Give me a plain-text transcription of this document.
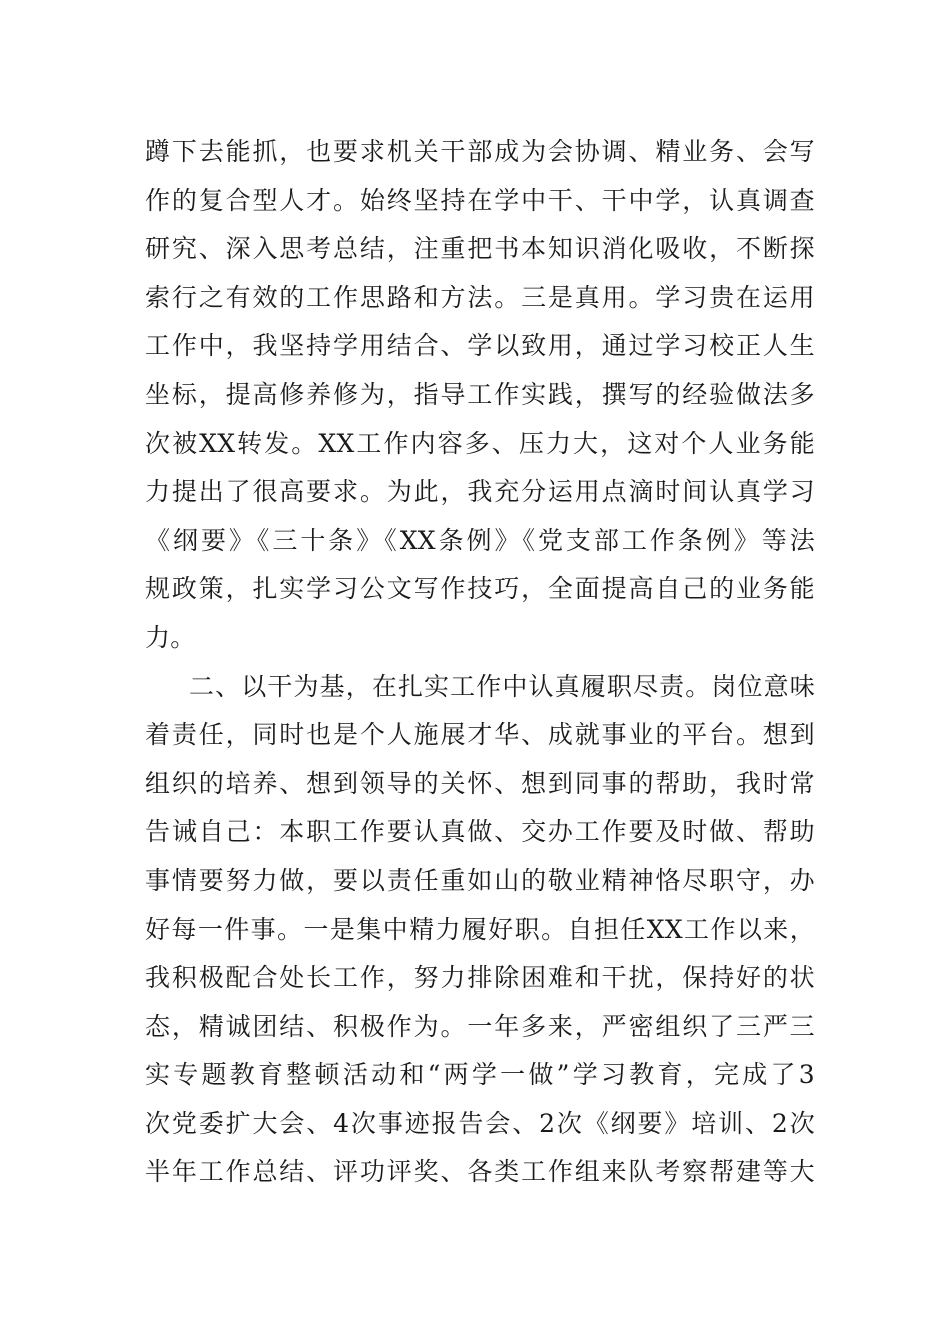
蹲下去能抓，也要求机关干部成为会协调、精业务、会写
作的复合型人才。始终坚持在学中干、干中学，认真调查
研究、深入思考总结，注重把书本知识消化吸收，不断探
索行之有效的工作思路和方法。三是真用。学习贵在运用
工作中，我坚持学用结合、学以致用，通过学习校正人生
坐标，提高修养修为，指导工作实践，撰写的经验做法多
次被XX转发。XX工作内容多、压力大，这对个人业务能
力提出了很高要求。为此，我充分运用点滴时间认真学习
《纲要》《三十条》《XX条例》《党支部工作条例》等法
规政策，扎实学习公文写作技巧，全面提高自己的业务能
力。
二、以干为基，在扎实工作中认真履职尽责。岗位意味
着责任，同时也是个人施展才华、成就事业的平台。想到
组织的培养、想到领导的关怀、想到同事的帮助，我时常
告诫自己：本职工作要认真做、交办工作要及时做、帮助
事情要努力做，要以责任重如山的敬业精神恪尽职守，办
好每一件事。一是集中精力履好职。自担任XX工作以来，
我积极配合处长工作，努力排除困难和干扰，保持好的状
态，精诚团结、积极作为。一年多来，严密组织了三严三
实专题教育整顿活动和“两学一做”学习教育，完成了3
次党委扩大会、4次事迹报告会、2次《纲要》培训、2次
半年工作总结、评功评奖、各类工作组来队考察帮建等大
